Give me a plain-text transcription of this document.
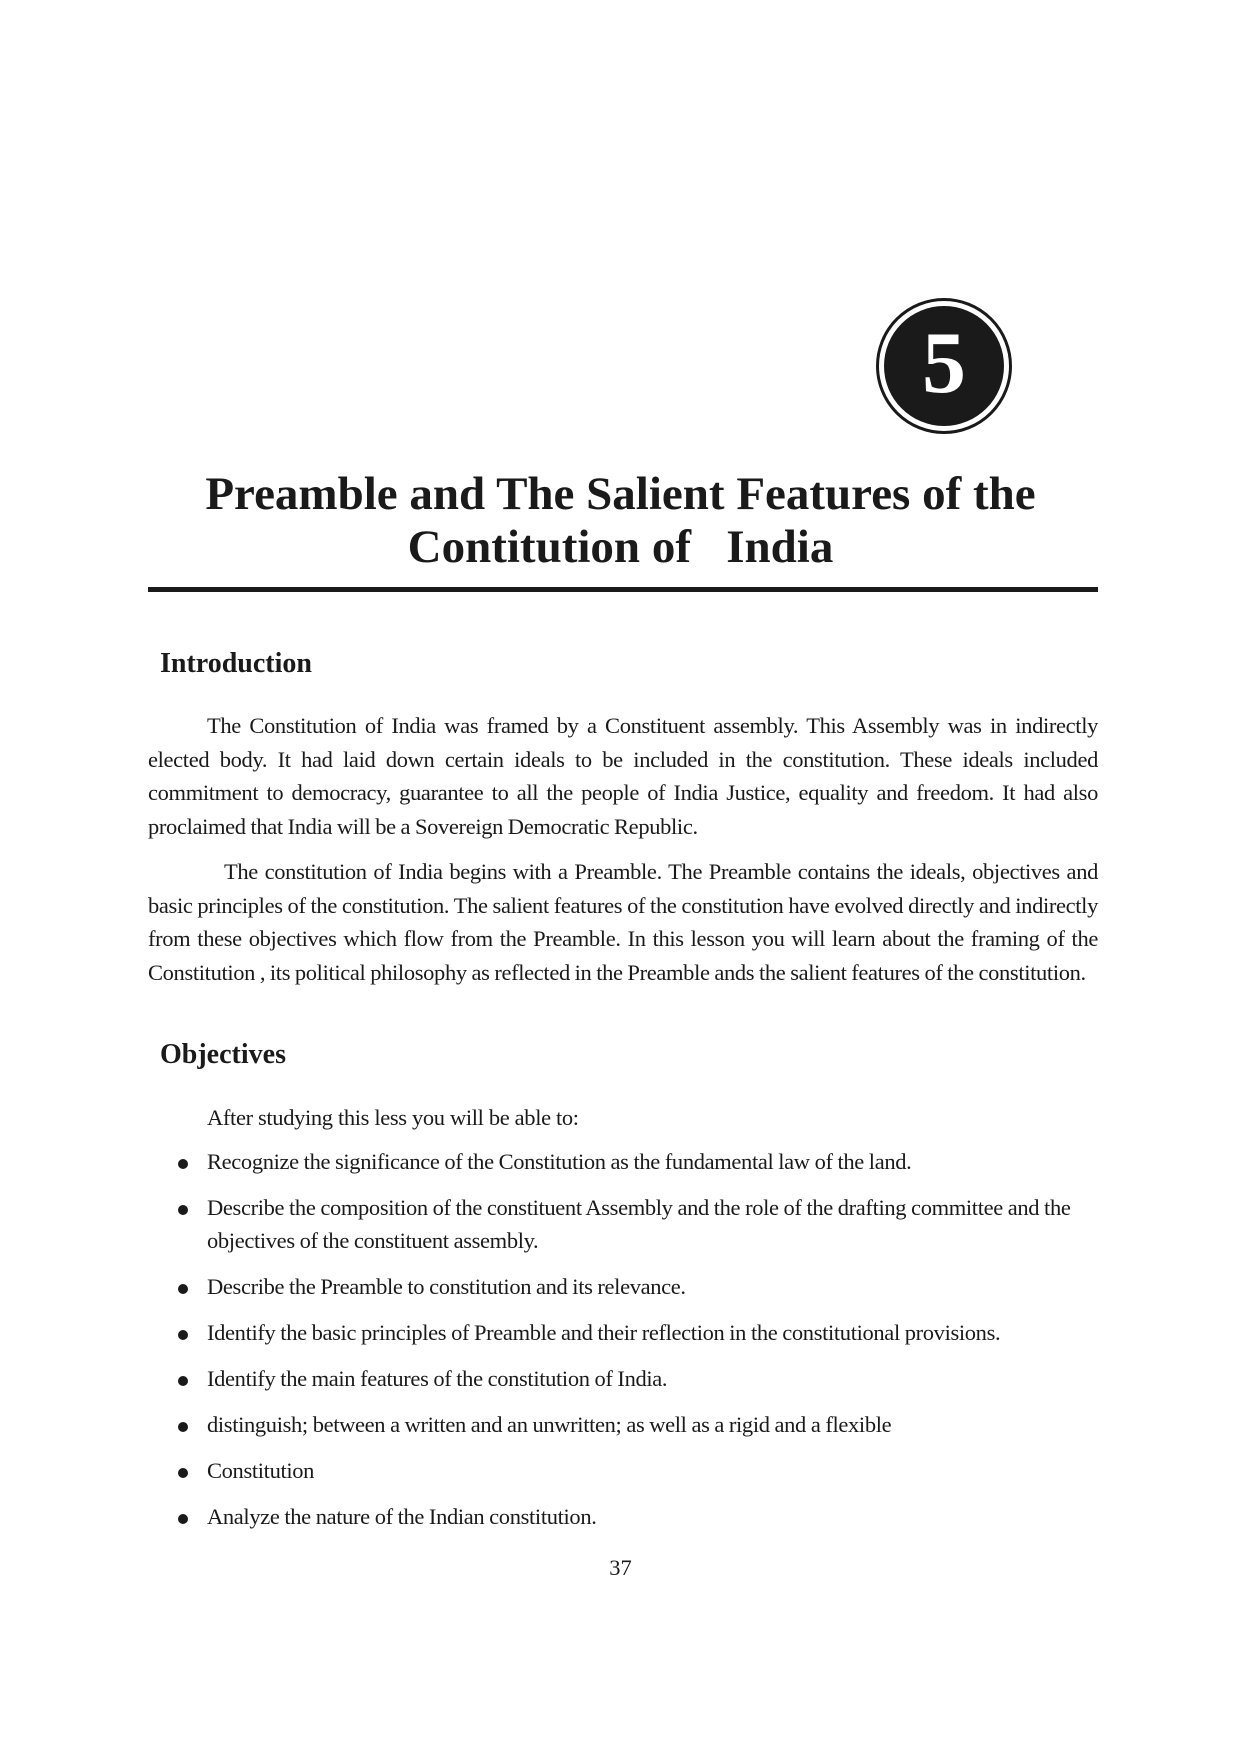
5
Preamble and The Salient Features of the
Contitution of   India
Introduction

The Constitution of India was framed by a Constituent assembly. This Assembly was in indirectly elected body. It had laid down certain ideals to be included in the constitution. These ideals included commitment to democracy, guarantee to all the people of India Justice, equality and freedom. It had also proclaimed that India will be a Sovereign Democratic Republic.

The constitution of India begins with a Preamble. The Preamble contains the ideals, objectives and basic principles of the constitution. The salient features of the constitution have evolved directly and indirectly from these objectives which flow from the Preamble. In this lesson you will learn about the framing of the Constitution , its political philosophy as reflected in the Preamble ands the salient features of the constitution.

Objectives

After studying this less you will be able to:

Recognize the significance of the Constitution as the fundamental law of the land.
Describe the composition of the constituent Assembly and the role of the drafting committee and the objectives of the constituent assembly.
Describe the Preamble to constitution and its relevance.
Identify the basic principles of Preamble and their reflection in the constitutional provisions.
Identify the main features of the constitution of India.
distinguish; between a written and an unwritten; as well as a rigid and a flexible
Constitution
Analyze the nature of the Indian constitution.

37
